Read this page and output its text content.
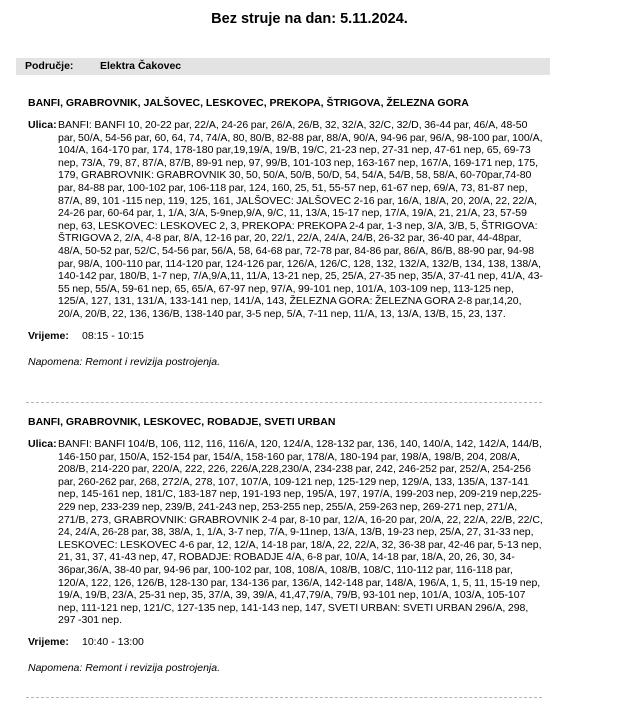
Bez struje na dan: 5.11.2024.
Područje:	Elektra Čakovec
BANFI, GRABROVNIK, JALŠOVEC, LESKOVEC, PREKOPA, ŠTRIGOVA, ŽELEZNA GORA
Ulica: BANFI: BANFI 10, 20-22 par, 22/A, 24-26 par, 26/A, 26/B, 32, 32/A, 32/C, 32/D, 36-44 par, 46/A, 48-50 par, 50/A, 54-56 par, 60, 64, 74, 74/A, 80, 80/B, 82-88 par, 88/A, 90/A, 94-96 par, 96/A, 98-100 par, 100/A, 104/A, 164-170 par, 174, 178-180 par,19,19/A, 19/B, 19/C, 21-23 nep, 27-31 nep, 47-61 nep, 65, 69-73 nep, 73/A, 79, 87, 87/A, 87/B, 89-91 nep, 97, 99/B, 101-103 nep, 163-167 nep, 167/A, 169-171 nep, 175, 179, GRABROVNIK: GRABROVNIK 30, 50, 50/A, 50/B, 50/D, 54, 54/A, 54/B, 58, 58/A, 60-70par,74-80 par, 84-88 par, 100-102 par, 106-118 par, 124, 160, 25, 51, 55-57 nep, 61-67 nep, 69/A, 73, 81-87 nep, 87/A, 89, 101 -115 nep, 119, 125, 161, JALŠOVEC: JALŠOVEC 2-16 par, 16/A, 18/A, 20, 20/A, 22, 22/A, 24-26 par, 60-64 par, 1, 1/A, 3/A, 5-9nep,9/A, 9/C, 11, 13/A, 15-17 nep, 17/A, 19/A, 21, 21/A, 23, 57-59 nep, 63, LESKOVEC: LESKOVEC 2, 3, PREKOPA: PREKOPA 2-4 par, 1-3 nep, 3/A, 3/B, 5, ŠTRIGOVA: ŠTRIGOVA 2, 2/A, 4-8 par, 8/A, 12-16 par, 20, 22/1, 22/A, 24/A, 24/B, 26-32 par, 36-40 par, 44-48par, 48/A, 50-52 par, 52/C, 54-56 par, 56/A, 58, 64-68 par, 72-78 par, 84-86 par, 86/A, 86/B, 88-90 par, 94-98 par, 98/A, 100-110 par, 114-120 par, 124-126 par, 126/A, 126/C, 128, 132, 132/A, 132/B, 134, 138, 138/A, 140-142 par, 180/B, 1-7 nep, 7/A,9/A,11, 11/A, 13-21 nep, 25, 25/A, 27-35 nep, 35/A, 37-41 nep, 41/A, 43-55 nep, 55/A, 59-61 nep, 65, 65/A, 67-97 nep, 97/A, 99-101 nep, 101/A, 103-109 nep, 113-125 nep, 125/A, 127, 131, 131/A, 133-141 nep, 141/A, 143, ŽELEZNA GORA: ŽELEZNA GORA 2-8 par,14,20, 20/A, 20/B, 22, 136, 136/B, 138-140 par, 3-5 nep, 5/A, 7-11 nep, 11/A, 13, 13/A, 13/B, 15, 23, 137.
Vrijeme: 08:15 - 10:15
Napomena: Remont i revizija postrojenja.
BANFI, GRABROVNIK, LESKOVEC, ROBADJE, SVETI URBAN
Ulica: BANFI: BANFI 104/B, 106, 112, 116, 116/A, 120, 124/A, 128-132 par, 136, 140, 140/A, 142, 142/A, 144/B, 146-150 par, 150/A, 152-154 par, 154/A, 158-160 par, 178/A, 180-194 par, 198/A, 198/B, 204, 208/A, 208/B, 214-220 par, 220/A, 222, 226, 226/A,228,230/A, 234-238 par, 242, 246-252 par, 252/A, 254-256 par, 260-262 par, 268, 272/A, 278, 107, 107/A, 109-121 nep, 125-129 nep, 129/A, 133, 135/A, 137-141 nep, 145-161 nep, 181/C, 183-187 nep, 191-193 nep, 195/A, 197, 197/A, 199-203 nep, 209-219 nep,225-229 nep, 233-239 nep, 239/B, 241-243 nep, 253-255 nep, 255/A, 259-263 nep, 269-271 nep, 271/A, 271/B, 273, GRABROVNIK: GRABROVNIK 2-4 par, 8-10 par, 12/A, 16-20 par, 20/A, 22, 22/A, 22/B, 22/C, 24, 24/A, 26-28 par, 38, 38/A, 1, 1/A, 3-7 nep, 7/A, 9-11nep, 13/A, 13/B, 19-23 nep, 25/A, 27, 31-33 nep, LESKOVEC: LESKOVEC 4-6 par, 12, 12/A, 14-18 par, 18/A, 22, 22/A, 32, 36-38 par, 42-46 par, 5-13 nep, 21, 31, 37, 41-43 nep, 47, ROBADJE: ROBADJE 4/A, 6-8 par, 10/A, 14-18 par, 18/A, 20, 26, 30, 34-36par,36/A, 38-40 par, 94-96 par, 100-102 par, 108, 108/A, 108/B, 108/C, 110-112 par, 116-118 par, 120/A, 122, 126, 126/B, 128-130 par, 134-136 par, 136/A, 142-148 par, 148/A, 196/A, 1, 5, 11, 15-19 nep, 19/A, 19/B, 23/A, 25-31 nep, 35, 37/A, 39, 39/A, 41,47,79/A, 79/B, 93-101 nep, 101/A, 103/A, 105-107 nep, 111-121 nep, 121/C, 127-135 nep, 141-143 nep, 147, SVETI URBAN: SVETI URBAN 296/A, 298, 297 -301 nep.
Vrijeme: 10:40 - 13:00
Napomena: Remont i revizija postrojenja.
